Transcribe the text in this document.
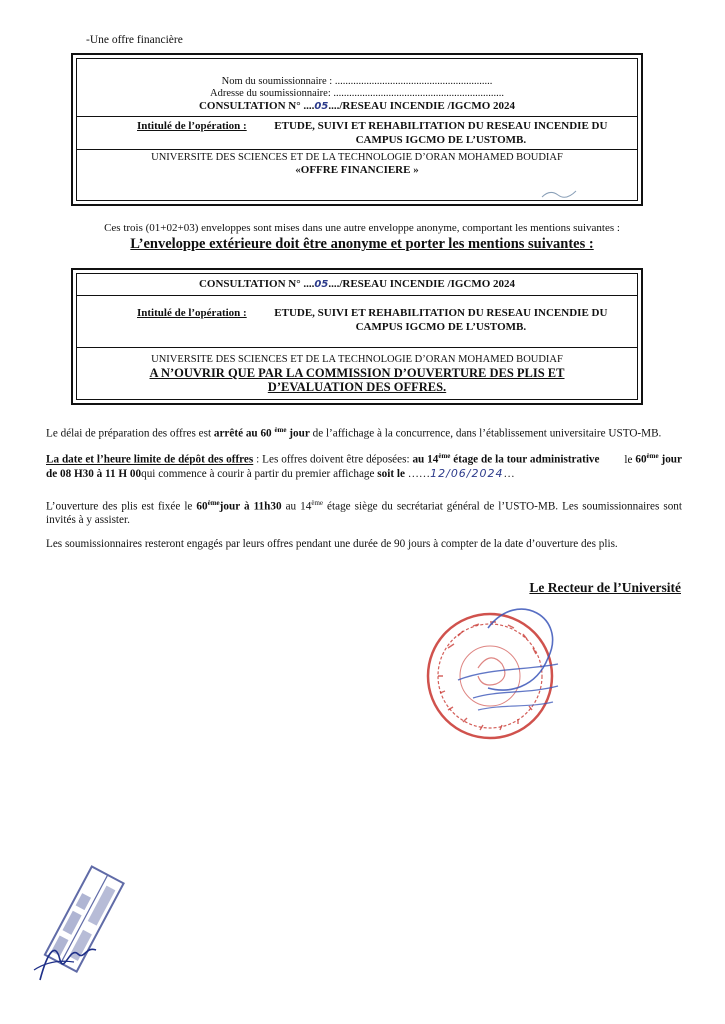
-Une offre financière
Nom du soumissionnaire : ............................................................
Adresse du soumissionnaire: .................................................................
CONSULTATION N° ....05..../RESEAU INCENDIE /IGCMO 2024
Intitulé de l’opération :	ETUDE, SUIVI ET REHABILITATION DU RESEAU INCENDIE DU
CAMPUS IGCMO DE L’USTOMB.
UNIVERSITE DES SCIENCES ET DE LA TECHNOLOGIE D’ORAN MOHAMED BOUDIAF
«OFFRE FINANCIERE »
Ces trois (01+02+03) enveloppes sont mises dans une autre enveloppe anonyme, comportant les mentions suivantes :
L’enveloppe extérieure doit être anonyme et porter les mentions suivantes :
CONSULTATION N° ....05..../RESEAU INCENDIE /IGCMO 2024
Intitulé de l’opération :	ETUDE, SUIVI ET REHABILITATION DU RESEAU INCENDIE DU
CAMPUS IGCMO DE L’USTOMB.
UNIVERSITE DES SCIENCES ET DE LA TECHNOLOGIE D’ORAN MOHAMED BOUDIAF
A N’OUVRIR QUE PAR LA COMMISSION D’OUVERTURE DES PLIS ET
D’EVALUATION DES OFFRES.
Le délai de préparation des offres est arrêté au 60 $^{ème}$ jour de l’affichage à la concurrence, dans l’établissement universitaire USTO-MB.
La date et l’heure limite de dépôt des offres : Les offres doivent être déposées: au 14ème étage de la tour administrative le 60ème jour de 08 H30 à 11 H 00qui commence à courir à partir du premier affichage soit le ……12/06/2024…
L’ouverture des plis est fixée le 60èmejour à 11h30 au 14ème étage siège du secrétariat général de l’USTO-MB. Les soumissionnaires sont invités à y assister.
Les soumissionnaires resteront engagés par leurs offres pendant une durée de 90 jours à compter de la date d’ouverture des plis.
Le Recteur de l’Université
